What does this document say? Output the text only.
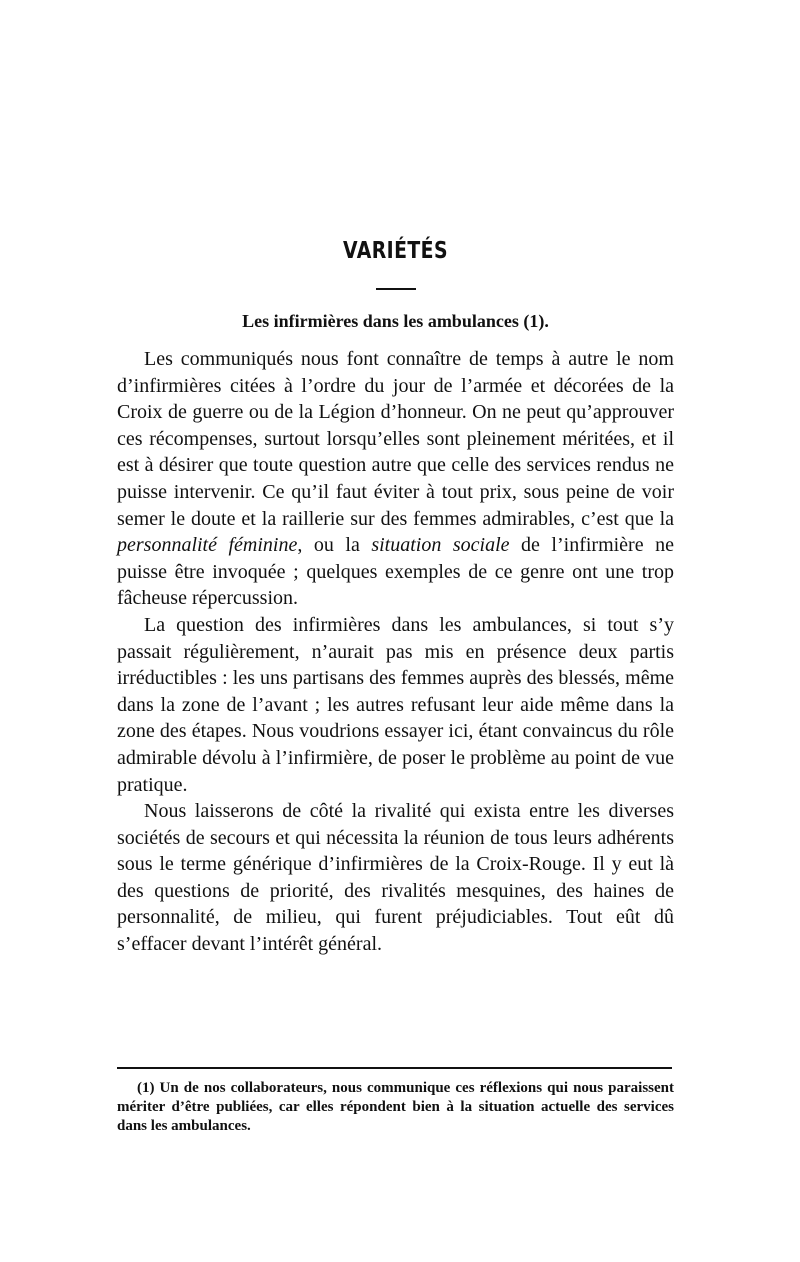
VARIÉTÉS
Les infirmières dans les ambulances (1).

Les communiqués nous font connaître de temps à autre le nom d’infirmières citées à l’ordre du jour de l’armée et décorées de la Croix de guerre ou de la Légion d’honneur. On ne peut qu’approuver ces récompenses, surtout lorsqu’elles sont pleinement méritées, et il est à désirer que toute question autre que celle des services rendus ne puisse intervenir. Ce qu’il faut éviter à tout prix, sous peine de voir semer le doute et la raillerie sur des femmes admirables, c’est que la personnalité féminine, ou la situation sociale de l’infirmière ne puisse être invoquée ; quelques exemples de ce genre ont une trop fâcheuse répercussion.

La question des infirmières dans les ambulances, si tout s’y passait régulièrement, n’aurait pas mis en présence deux partis irréductibles : les uns partisans des femmes auprès des blessés, même dans la zone de l’avant ; les autres refusant leur aide même dans la zone des étapes. Nous voudrions essayer ici, étant convaincus du rôle admirable dévolu à l’infirmière, de poser le problème au point de vue pratique.

Nous laisserons de côté la rivalité qui exista entre les diverses sociétés de secours et qui nécessita la réunion de tous leurs adhérents sous le terme générique d’infirmières de la Croix-Rouge. Il y eut là des questions de priorité, des rivalités mesquines, des haines de personnalité, de milieu, qui furent préjudiciables. Tout eût dû s’effacer devant l’intérêt général.

(1) Un de nos collaborateurs, nous communique ces réflexions qui nous paraissent mériter d’être publiées, car elles répondent bien à la situation actuelle des services dans les ambulances.
